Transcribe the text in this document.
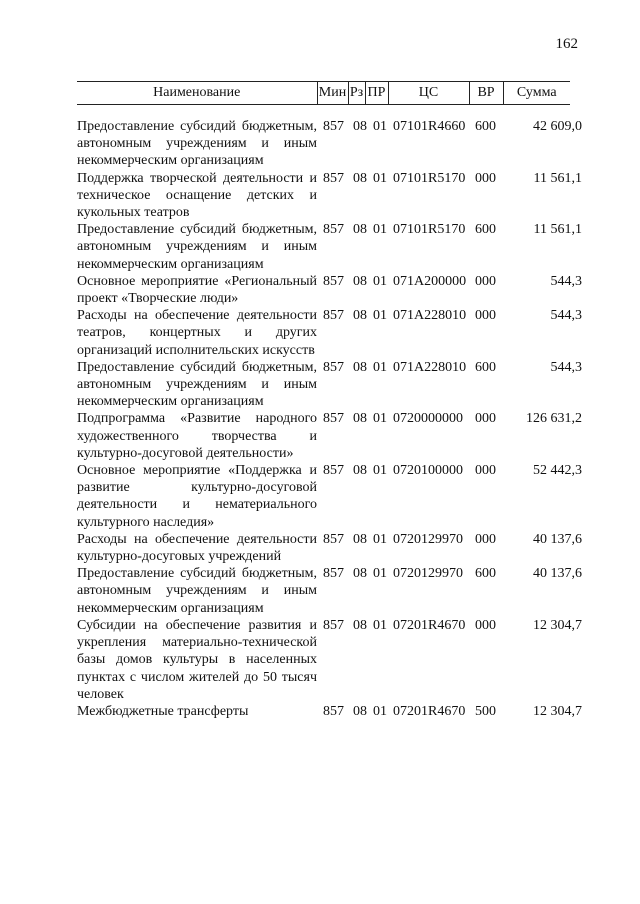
162
Наименование	Мин	Рз	ПР	ЦС	ВР	Сумма
Предоставление субсидий бюджетным, автономным учреждениям и иным некоммерческим организациям
857 08 01 07101R4660 600	42 609,0
Поддержка творческой деятельности и техническое оснащение детских и кукольных театров
857 08 01 07101R5170 000	11 561,1
Предоставление субсидий бюджетным, автономным учреждениям и иным некоммерческим организациям
857 08 01 07101R5170 600	11 561,1
Основное мероприятие «Региональный проект «Творческие люди»
857 08 01 071А200000 000	544,3
Расходы на обеспечение деятельности театров, концертных и других организаций исполнительских искусств
857 08 01 071А228010 000	544,3
Предоставление субсидий бюджетным, автономным учреждениям и иным некоммерческим организациям
857 08 01 071А228010 600	544,3
Подпрограмма «Развитие народного художественного творчества и культурно-досуговой деятельности»
857 08 01 0720000000 000	126 631,2
Основное мероприятие «Поддержка и развитие культурно-досуговой деятельности и нематериального культурного наследия»
857 08 01 0720100000 000	52 442,3
Расходы на обеспечение деятельности культурно-досуговых учреждений
857 08 01 0720129970 000	40 137,6
Предоставление субсидий бюджетным, автономным учреждениям и иным некоммерческим организациям
857 08 01 0720129970 600	40 137,6
Субсидии на обеспечение развития и укрепления материально-технической базы домов культуры в населенных пунктах с числом жителей до 50 тысяч человек
857 08 01 07201R4670 000	12 304,7
Межбюджетные трансферты	857 08 01 07201R4670 500	12 304,7
